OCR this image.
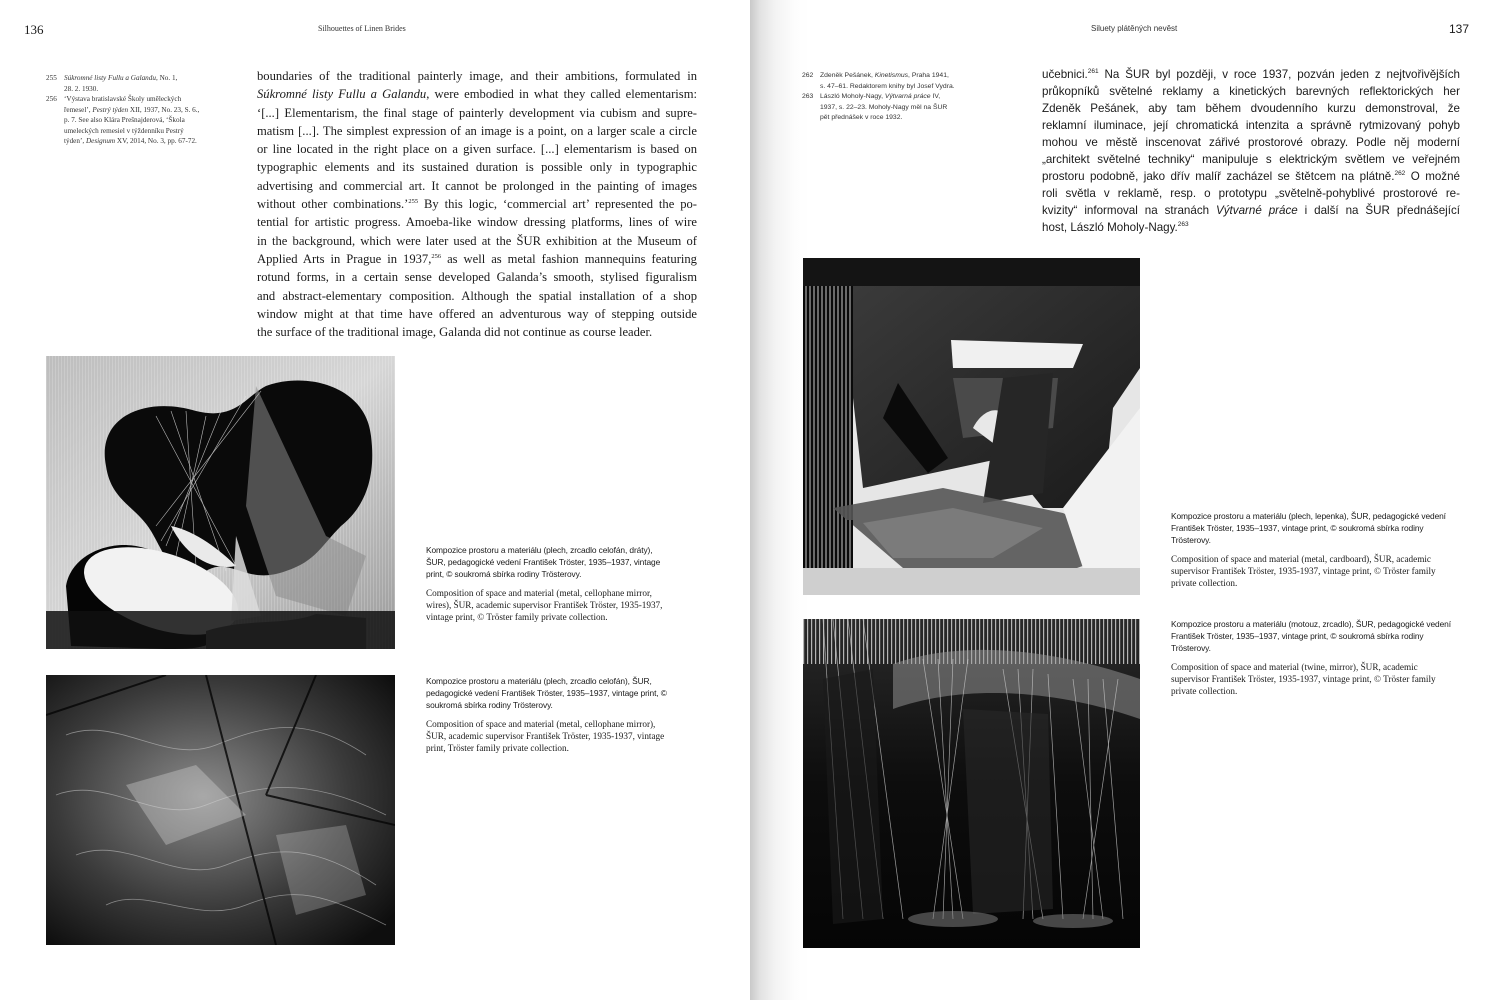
136	Silhouettes of Linen Brides
255	Súkromné listy Fullu a Galandu, No. 1,
28. 2. 1930.
256	‘Výstava bratislavské Školy uměleckých
řemesel’, Pestrý týden XII, 1937, No. 23, S. 6.,
p. 7. See also Klára Prešnajderová, ‘Škola
umeleckých remesiel v týždenníku Pestrý
týden’, Designum XV, 2014, No. 3, pp. 67-72.
boundaries of the traditional painterly image, and their ambitions, formulated in
Súkromné listy Fullu a Galandu, were embodied in what they called elementarism:
‘[...] Elementarism, the final stage of painterly development via cubism and supre-
matism [...]. The simplest expression of an image is a point, on a larger scale a circle
or line located in the right place on a given surface. [...] elementarism is based on
typographic elements and its sustained duration is possible only in typographic
advertising and commercial art. It cannot be prolonged in the painting of images
without other combinations.’$^{255}$ By this logic, ‘commercial art’ represented the po-
tential for artistic progress. Amoeba-like window dressing platforms, lines of wire
in the background, which were later used at the ŠUR exhibition at the Museum of
Applied Arts in Prague in 1937,$^{256}$ as well as metal fashion mannequins featuring
rotund forms, in a certain sense developed Galanda’s smooth, stylised figuralism
and abstract-elementary composition. Although the spatial installation of a shop
window might at that time have offered an adventurous way of stepping outside
the surface of the traditional image, Galanda did not continue as course leader.

Kompozice prostoru a materiálu (plech, zrcadlo celofán, dráty), ŠUR, pedagogické vedení František Tröster, 1935–1937, vintage print, © soukromá sbírka rodiny Trösterovy.

Composition of space and material (metal, cellophane mirror, wires), ŠUR, academic supervisor František Tröster, 1935-1937, vintage print, © Tröster family private collection.

Kompozice prostoru a materiálu (plech, zrcadlo celofán), ŠUR, pedagogické vedení František Tröster, 1935–1937, vintage print, © soukromá sbírka rodiny Trösterovy.

Composition of space and material (metal, cellophane mirror), ŠUR, academic supervisor František Tröster, 1935-1937, vintage print, Tröster family private collection.

Siluety plátěných nevěst	137
262 Zdeněk Pešánek, Kinetismus, Praha 1941,
s. 47–61. Redaktorem knihy byl Josef Vydra.
263 László Moholy-Nagy, Výtvarná práce IV,
1937, s. 22–23. Moholy-Nagy měl na ŠUR
pět přednášek v roce 1932.
učebnici.$^{261}$ Na ŠUR byl později, v roce 1937, pozván jeden z nejtvořivějších
průkopníků světelné reklamy a kinetických barevných reflektorických her
Zdeněk Pešánek, aby tam během dvoudenního kurzu demonstroval, že
reklamní iluminace, její chromatická intenzita a správně rytmizovaný pohyb
mohou ve městě inscenovat zářivé prostorové obrazy. Podle něj moderní
„architekt světelné techniky“ manipuluje s elektrickým světlem ve veřejném
prostoru podobně, jako dřív malíř zacházel se štětcem na plátně.$^{262}$ O možné
roli světla v reklamě, resp. o prototypu „světelně-pohyblivé prostorové re-
kvizity“ informoval na stranách Výtvarné práce i další na ŠUR přednášející
host, László Moholy-Nagy.$^{263}$

Kompozice prostoru a materiálu (plech, lepenka), ŠUR, pedagogické vedení František Tröster, 1935–1937, vintage print, © soukromá sbírka rodiny Trösterovy.

Composition of space and material (metal, cardboard), ŠUR, academic supervisor František Tröster, 1935-1937, vintage print, © Tröster family private collection.

Kompozice prostoru a materiálu (motouz, zrcadlo), ŠUR, pedagogické vedení František Tröster, 1935–1937, vintage print, © soukromá sbírka rodiny Trösterovy.

Composition of space and material (twine, mirror), ŠUR, academic supervisor František Tröster, 1935-1937, vintage print, © Tröster family private collection.
